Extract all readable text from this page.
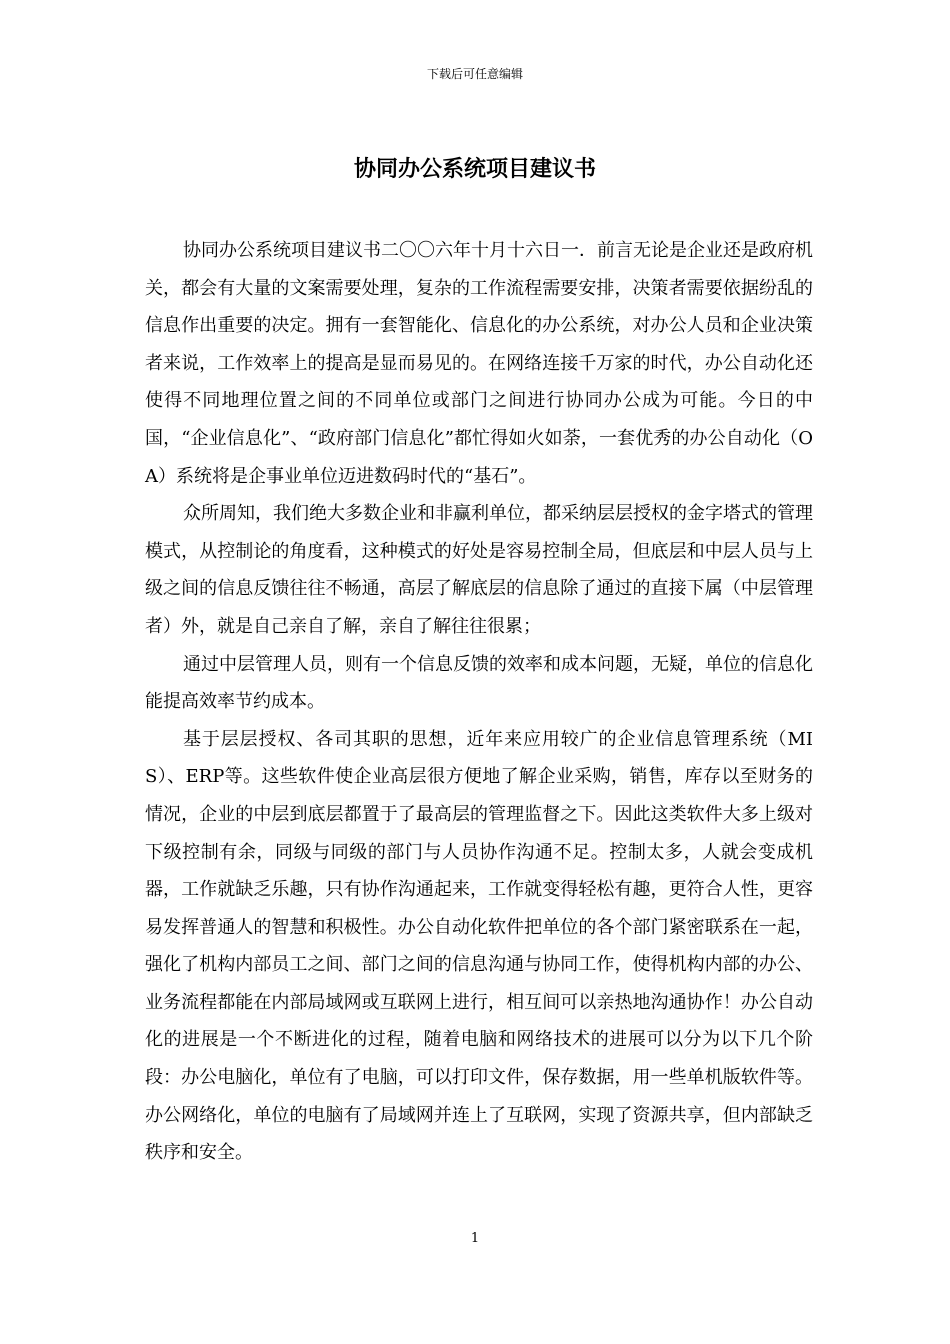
下载后可任意编辑
协同办公系统项目建议书

协同办公系统项目建议书二〇〇六年十月十六日一．前言无论是企业还是政府机关，都会有大量的文案需要处理，复杂的工作流程需要安排，决策者需要依据纷乱的信息作出重要的决定。拥有一套智能化、信息化的办公系统，对办公人员和企业决策者来说，工作效率上的提高是显而易见的。在网络连接千万家的时代，办公自动化还使得不同地理位置之间的不同单位或部门之间进行协同办公成为可能。今日的中国，“企业信息化”、“政府部门信息化”都忙得如火如荼，一套优秀的办公自动化（OA）系统将是企事业单位迈进数码时代的“基石”。

众所周知，我们绝大多数企业和非赢利单位，都采纳层层授权的金字塔式的管理模式，从控制论的角度看，这种模式的好处是容易控制全局，但底层和中层人员与上级之间的信息反馈往往不畅通，高层了解底层的信息除了通过的直接下属（中层管理者）外，就是自己亲自了解，亲自了解往往很累；

通过中层管理人员，则有一个信息反馈的效率和成本问题，无疑，单位的信息化能提高效率节约成本。

基于层层授权、各司其职的思想，近年来应用较广的企业信息管理系统（MIS）、ERP等。这些软件使企业高层很方便地了解企业采购，销售，库存以至财务的情况，企业的中层到底层都置于了最高层的管理监督之下。因此这类软件大多上级对下级控制有余，同级与同级的部门与人员协作沟通不足。控制太多，人就会变成机器，工作就缺乏乐趣，只有协作沟通起来，工作就变得轻松有趣，更符合人性，更容易发挥普通人的智慧和积极性。办公自动化软件把单位的各个部门紧密联系在一起，强化了机构内部员工之间、部门之间的信息沟通与协同工作，使得机构内部的办公、业务流程都能在内部局域网或互联网上进行，相互间可以亲热地沟通协作！办公自动化的进展是一个不断进化的过程，随着电脑和网络技术的进展可以分为以下几个阶段：办公电脑化，单位有了电脑，可以打印文件，保存数据，用一些单机版软件等。办公网络化，单位的电脑有了局域网并连上了互联网，实现了资源共享，但内部缺乏秩序和安全。

1
